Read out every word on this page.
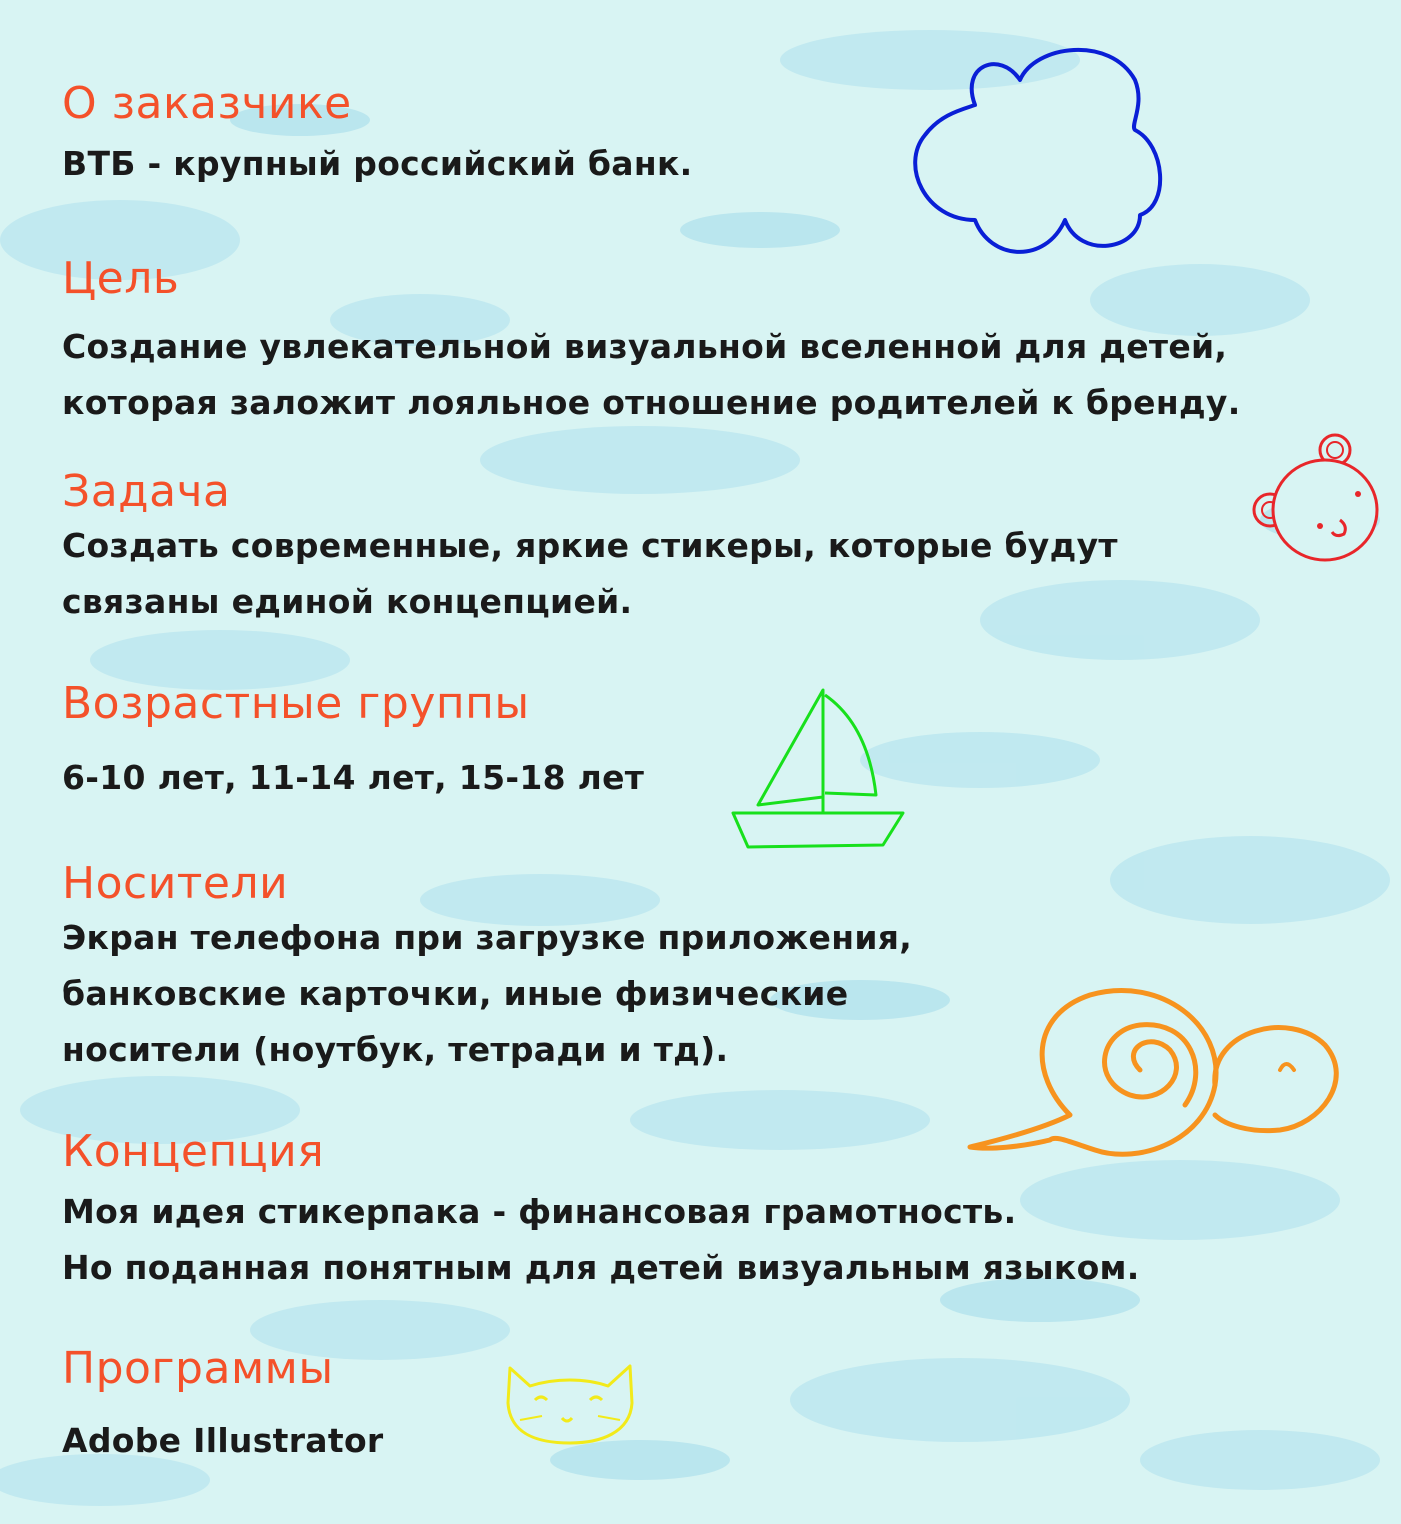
О заказчике

ВТБ - крупный российский банк.

Цель

Создание увлекательной визуальной вселенной для детей,

которая заложит лояльное отношение родителей к бренду.

Задача

Создать современные, яркие стикеры, которые будут

связаны единой концепцией.

Возрастные группы

6-10 лет, 11-14 лет, 15-18 лет

Носители

Экран телефона при загрузке приложения,

банковские карточки, иные физические

носители (ноутбук, тетради и тд).

Концепция

Моя идея стикерпака - финансовая грамотность.

Но поданная понятным для детей визуальным языком.

Программы

Adobe Illustrator
